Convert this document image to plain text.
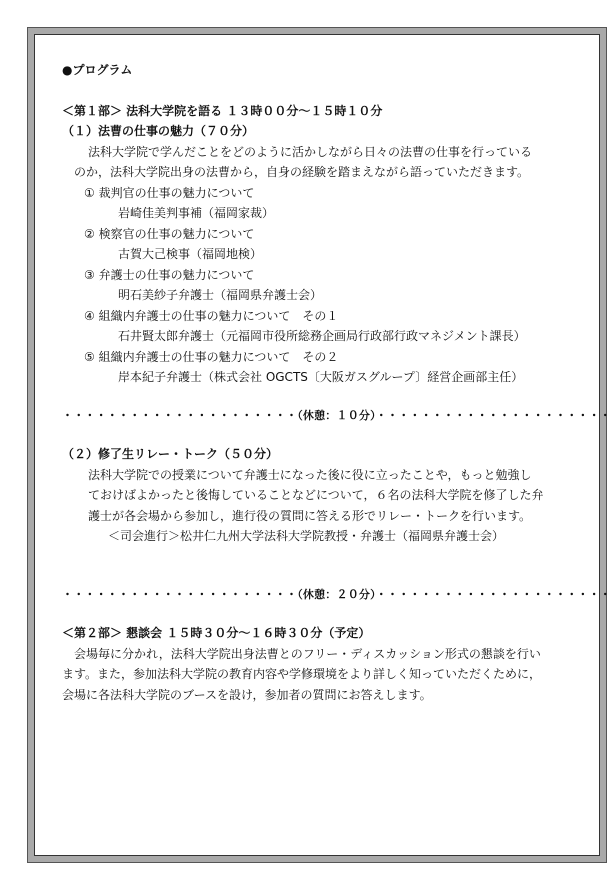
●プログラム
＜第１部＞ 法科大学院を語る １３時００分～１５時１０分
（１）法曹の仕事の魅力（７０分）
法科大学院で学んだことをどのように活かしながら日々の法曹の仕事を行っている
のか，法科大学院出身の法曹から，自身の経験を踏まえながら語っていただきます。
① 裁判官の仕事の魅力について
岩崎佳美判事補（福岡家裁）
② 検察官の仕事の魅力について
古賀大己検事（福岡地検）
③ 弁護士の仕事の魅力について
明石美紗子弁護士（福岡県弁護士会）
④ 組織内弁護士の仕事の魅力について　その１
石井賢太郎弁護士（元福岡市役所総務企画局行政部行政マネジメント課長）
⑤ 組織内弁護士の仕事の魅力について　その２
岸本紀子弁護士（株式会社 OGCTS〔大阪ガスグループ〕経営企画部主任）
・・・・・・・・・・・・・・・・・・・・・（休憩：１０分）・・・・・・・・・・・・・・・・・・・・・
（２）修了生リレー・トーク（５０分）
法科大学院での授業について弁護士になった後に役に立ったことや，もっと勉強し
ておけばよかったと後悔していることなどについて，６名の法科大学院を修了した弁
護士が各会場から参加し，進行役の質問に答える形でリレー・トークを行います。
＜司会進行＞松井仁九州大学法科大学院教授・弁護士（福岡県弁護士会）
・・・・・・・・・・・・・・・・・・・・・（休憩：２０分）・・・・・・・・・・・・・・・・・・・・・
＜第２部＞ 懇談会 １５時３０分～１６時３０分（予定）
会場毎に分かれ，法科大学院出身法曹とのフリー・ディスカッション形式の懇談を行い
ます。また，参加法科大学院の教育内容や学修環境をより詳しく知っていただくために，
会場に各法科大学院のブースを設け，参加者の質問にお答えします。
